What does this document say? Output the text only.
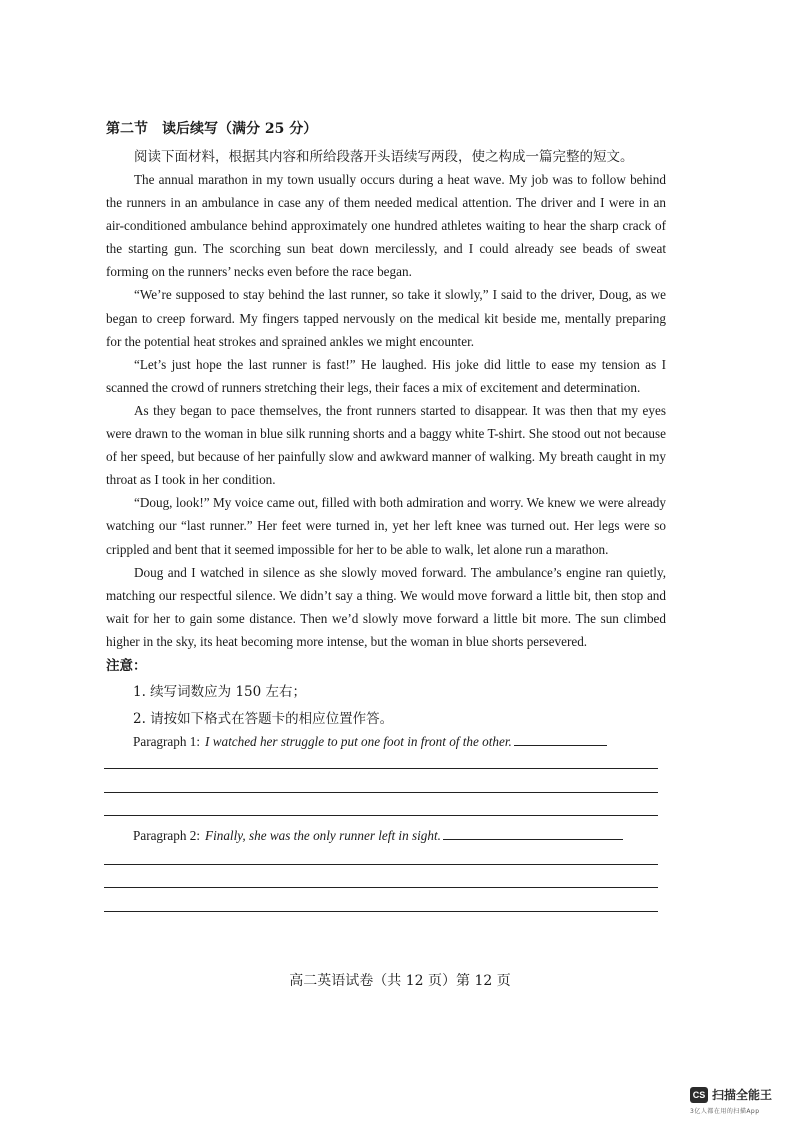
第二节　读后续写（满分 25 分）
阅读下面材料，根据其内容和所给段落开头语续写两段，使之构成一篇完整的短文。

The annual marathon in my town usually occurs during a heat wave. My job was to follow behind the runners in an ambulance in case any of them needed medical attention. The driver and I were in an air-conditioned ambulance behind approximately one hundred athletes waiting to hear the sharp crack of the starting gun. The scorching sun beat down mercilessly, and I could already see beads of sweat forming on the runners’ necks even before the race began.

“We’re supposed to stay behind the last runner, so take it slowly,” I said to the driver, Doug, as we began to creep forward. My fingers tapped nervously on the medical kit beside me, mentally preparing for the potential heat strokes and sprained ankles we might encounter.

“Let’s just hope the last runner is fast!” He laughed. His joke did little to ease my tension as I scanned the crowd of runners stretching their legs, their faces a mix of excitement and determination.

As they began to pace themselves, the front runners started to disappear. It was then that my eyes were drawn to the woman in blue silk running shorts and a baggy white T-shirt. She stood out not because of her speed, but because of her painfully slow and awkward manner of walking. My breath caught in my throat as I took in her condition.

“Doug, look!” My voice came out, filled with both admiration and worry. We knew we were already watching our “last runner.” Her feet were turned in, yet her left knee was turned out. Her legs were so crippled and bent that it seemed impossible for her to be able to walk, let alone run a marathon.

Doug and I watched in silence as she slowly moved forward. The ambulance’s engine ran quietly, matching our respectful silence. We didn’t say a thing. We would move forward a little bit, then stop and wait for her to gain some distance. Then we’d slowly move forward a little bit more. The sun climbed higher in the sky, its heat becoming more intense, but the woman in blue shorts persevered.

注意：
1. 续写词数应为 150 左右；
2. 请按如下格式在答题卡的相应位置作答。
Paragraph 1: I watched her struggle to put one foot in front of the other.
Paragraph 2: Finally, she was the only runner left in sight.
高二英语试卷（共 12 页）第 12 页
CS 扫描全能王
3亿人都在用的扫描App
